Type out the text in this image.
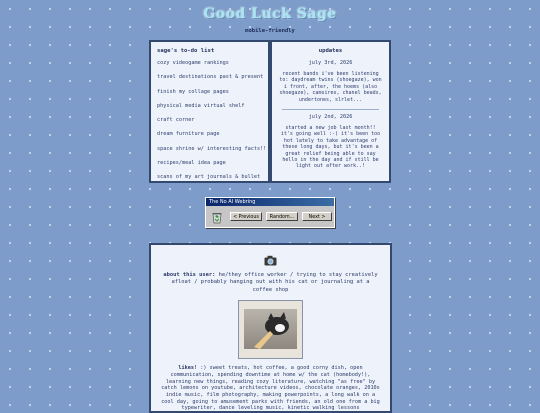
Good Luck Sage
mobile-friendly
sage's to-do list
cozy videogame rankings
travel destinations past & present
finish my collage pages
physical media virtual shelf
craft corner
dream furniture page
space shrine w/ interesting facts!!
recipes/meal idea page
scans of my art journals & bullet
updates
july 3rd, 2026
recent bands i've been listening to: daydream twins (shoegaze), won i front, after, the hoems (also shoegaze), camsires, chanel beads, undertones, slrlet...
july 2nd, 2026
started a new job last month!! it's going well :-) it's been too hot lately to take advantage of these long days, but it's been a great relief being able to say hello in the day and if still be light out after work..!
The No AI Webring
< Previous	Random...	Next >
about this user: he/they office worker / trying to stay creatively afloat / probably hanging out with his cat or journaling at a coffee shop
likes! :) sweet treats, hot coffee, a good corny dish, open communication, spending downtime at home w/ the cat (homebody!), learning new things, reading cozy literature, watching "as free" by catch lemons on youtube, architecture videos, chocolate oranges, 2010s indie music, film photography, making powerpoints, a long walk on a cool day, going to amusement parks with friends, an old one from a big typewriter, dance leveling music, kinetic walking lessons
